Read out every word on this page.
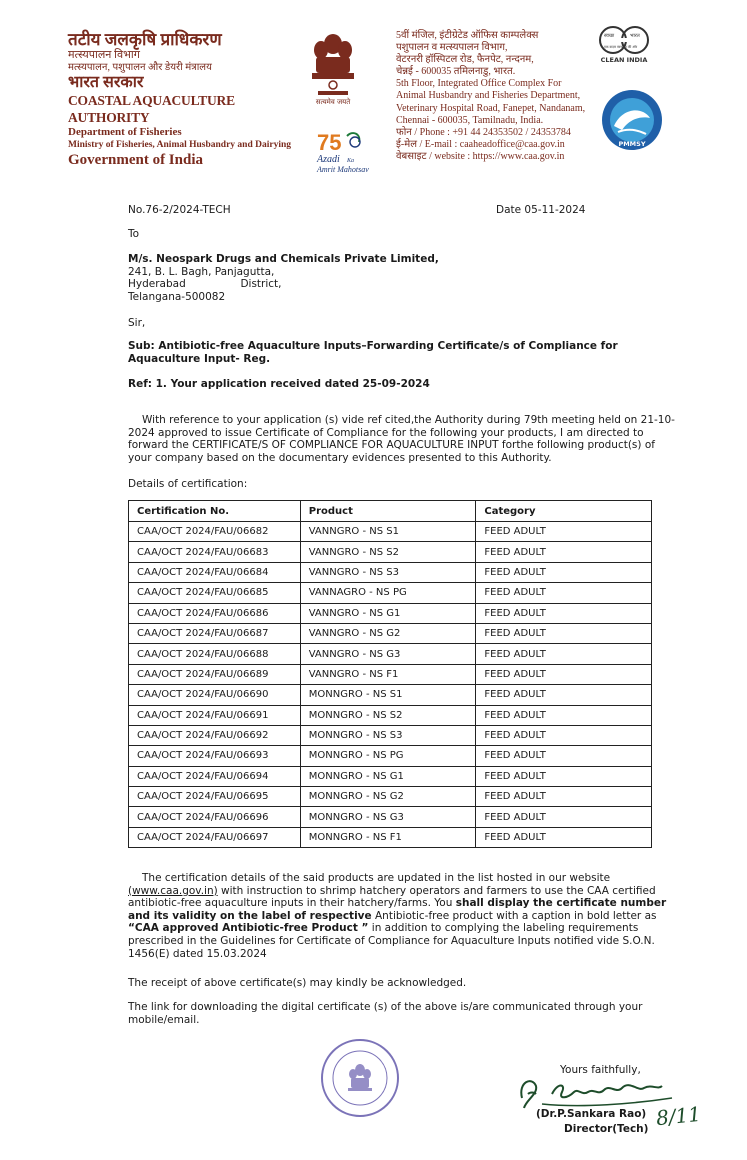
तटीय जलकृषि प्राधिकरण
मत्स्यपालन विभाग
मत्स्यपालन, पशुपालन और डेयरी मंत्रालय
भारत सरकार
COASTAL AQUACULTURE AUTHORITY
Department of Fisheries
Ministry of Fisheries, Animal Husbandry and Dairying
Government of India
सत्यमेव जयते
75
Azadi Ka
Amrit Mahotsav
5वीं मंजिल, इंटीग्रेटेड ऑफिस काम्पलेक्स
पशुपालन व मत्स्यपालन विभाग,
वेटरनरी हॉस्पिटल रोड, फैनपेट, नन्दनम,
चेन्नई - 600035 तमिलनाडु, भारत.
5th Floor, Integrated Office Complex For
Animal Husbandry and Fisheries Department,
Veterinary Hospital Road, Fanepet, Nandanam,
Chennai - 600035, Tamilnadu, India.
फोन / Phone : +91 44 24353502 / 24353784
ई-मेल / E-mail : caaheadoffice@caa.gov.in
वेबसाइट / website : https://www.caa.gov.in
स्वच्छ	भारत
एक कदम स्वच्छता की ओर
CLEAN INDIA
PMMSY
No.76-2/2024-TECH	Date 05-11-2024
To
M/s. Neospark Drugs and Chemicals Private Limited,
241, B. L. Bagh, Panjagutta,
Hyderabad	District,
Telangana-500082
Sir,
Sub: Antibiotic-free Aquaculture Inputs–Forwarding Certificate/s of Compliance for
Aquaculture Input- Reg.
Ref: 1. Your application received dated 25-09-2024
With reference to your application (s) vide ref cited,the Authority during 79th meeting held on 21-10-
2024 approved to issue Certificate of Compliance for the following your products, I am directed to
forward the CERTIFICATE/S OF COMPLIANCE FOR AQUACULTURE INPUT forthe following product(s) of
your company based on the documentary evidences presented to this Authority.
Details of certification:
Certification No.	Product	Category
CAA/OCT 2024/FAU/06682	VANNGRO - NS S1	FEED ADULT
CAA/OCT 2024/FAU/06683	VANNGRO - NS S2	FEED ADULT
CAA/OCT 2024/FAU/06684	VANNGRO - NS S3	FEED ADULT
CAA/OCT 2024/FAU/06685	VANNAGRO - NS PG	FEED ADULT
CAA/OCT 2024/FAU/06686	VANNGRO - NS G1	FEED ADULT
CAA/OCT 2024/FAU/06687	VANNGRO - NS G2	FEED ADULT
CAA/OCT 2024/FAU/06688	VANNGRO - NS G3	FEED ADULT
CAA/OCT 2024/FAU/06689	VANNGRO - NS F1	FEED ADULT
CAA/OCT 2024/FAU/06690	MONNGRO - NS S1	FEED ADULT
CAA/OCT 2024/FAU/06691	MONNGRO - NS S2	FEED ADULT
CAA/OCT 2024/FAU/06692	MONNGRO - NS S3	FEED ADULT
CAA/OCT 2024/FAU/06693	MONNGRO - NS PG	FEED ADULT
CAA/OCT 2024/FAU/06694	MONNGRO - NS G1	FEED ADULT
CAA/OCT 2024/FAU/06695	MONNGRO - NS G2	FEED ADULT
CAA/OCT 2024/FAU/06696	MONNGRO - NS G3	FEED ADULT
CAA/OCT 2024/FAU/06697	MONNGRO - NS F1	FEED ADULT
The certification details of the said products are updated in the list hosted in our website
(www.caa.gov.in) with instruction to shrimp hatchery operators and farmers to use the CAA certified
antibiotic-free aquaculture inputs in their hatchery/farms. You shall display the certificate number
and its validity on the label of respective Antibiotic-free product with a caption in bold letter as
“CAA approved Antibiotic-free Product ” in addition to complying the labeling requirements
prescribed in the Guidelines for Certificate of Compliance for Aquaculture Inputs notified vide S.O.N.
1456(E) dated 15.03.2024
The receipt of above certificate(s) may kindly be acknowledged.
The link for downloading the digital certificate (s) of the above is/are communicated through your
mobile/email.
Yours faithfully,
(Dr.P.Sankara Rao)
Director(Tech) 8/11
